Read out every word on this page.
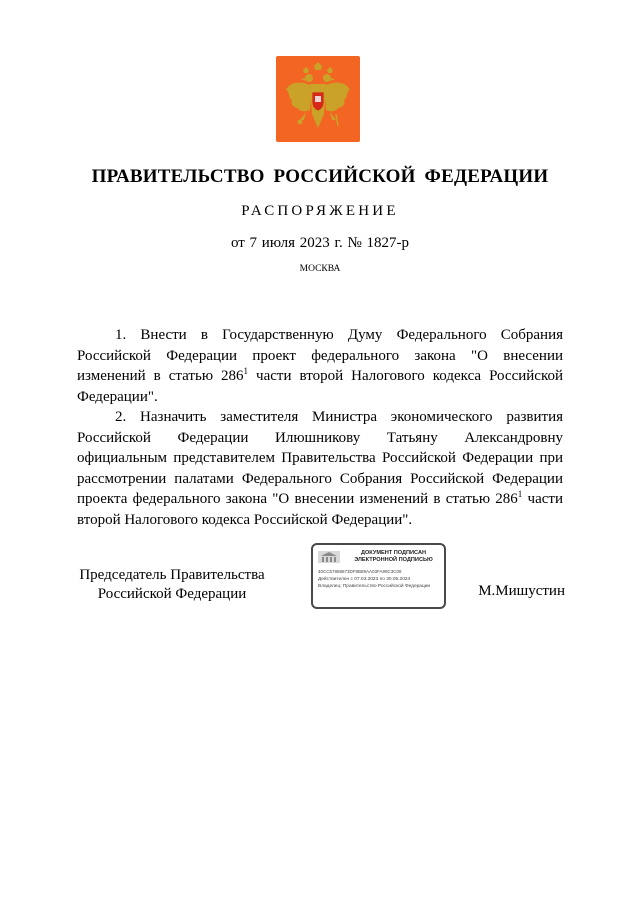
ПРАВИТЕЛЬСТВО РОССИЙСКОЙ ФЕДЕРАЦИИ
РАСПОРЯЖЕНИЕ
от 7 июля 2023 г. № 1827-р
МОСКВА

1. Внести в Государственную Думу Федерального Собрания Российской Федерации проект федерального закона "О внесении изменений в статью $286^1$ части второй Налогового кодекса Российской Федерации".

2. Назначить заместителя Министра экономического развития Российской Федерации Илюшникову Татьяну Александровну официальным представителем Правительства Российской Федерации при рассмотрении палатами Федерального Собрания Российской Федерации проекта федерального закона "О внесении изменений в статью $286^1$ части второй Налогового кодекса Российской Федерации".

Председатель Правительства
Российской Федерации
ДОКУМЕНТ ПОДПИСАН
ЭЛЕКТРОННОЙ ПОДПИСЬЮ
40CC57888873DF8B89AA03FA99C3C08
Действителен с 07.03.2023 по 30.05.2024
Владелец: Правительство Российской Федерации	М.Мишустин
